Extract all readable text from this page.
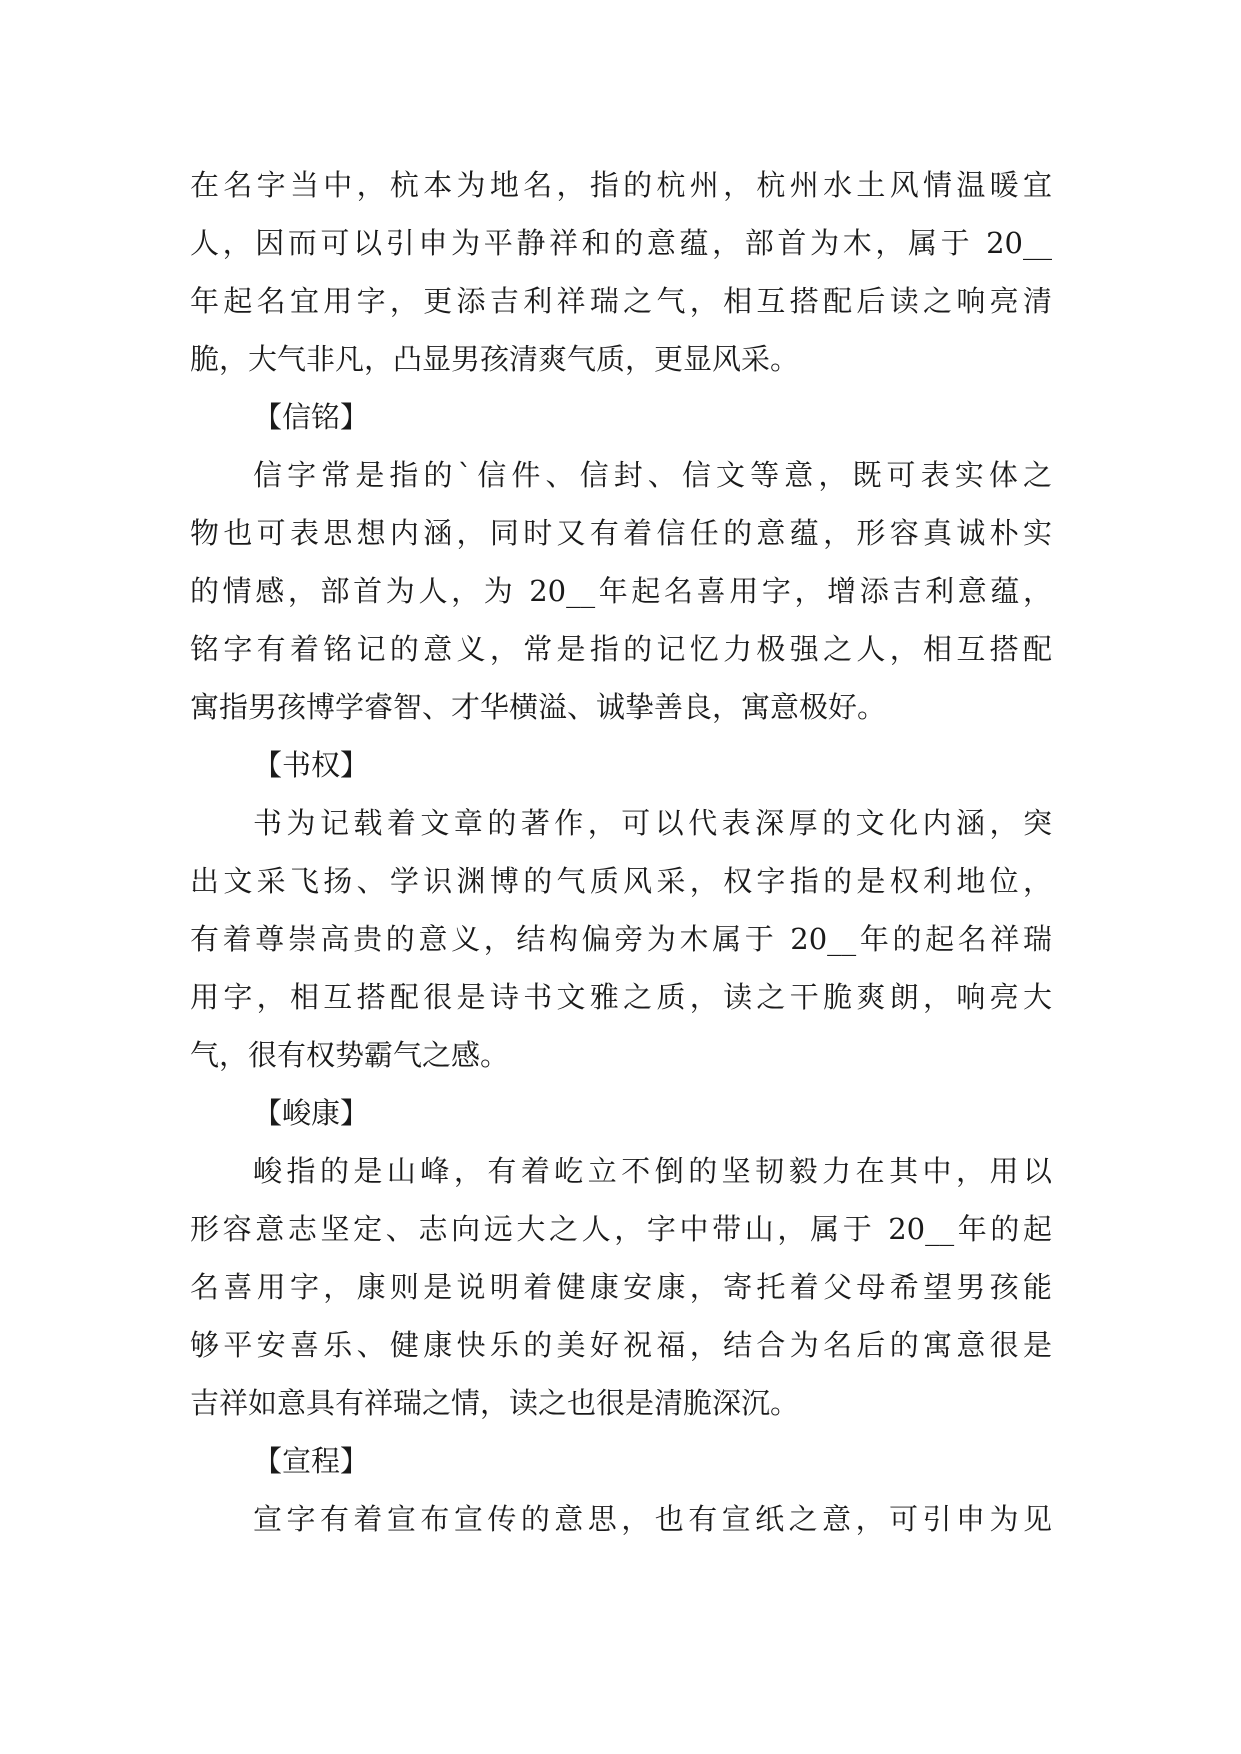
在名字当中，杭本为地名，指的杭州，杭州水土风情温暖宜
人，因而可以引申为平静祥和的意蕴，部首为木，属于 20__
年起名宜用字，更添吉利祥瑞之气，相互搭配后读之响亮清
脆，大气非凡，凸显男孩清爽气质，更显风采。
【信铭】
信字常是指的`信件、信封、信文等意，既可表实体之
物也可表思想内涵，同时又有着信任的意蕴，形容真诚朴实
的情感，部首为人，为 20__年起名喜用字，增添吉利意蕴，
铭字有着铭记的意义，常是指的记忆力极强之人，相互搭配
寓指男孩博学睿智、才华横溢、诚挚善良，寓意极好。
【书权】
书为记载着文章的著作，可以代表深厚的文化内涵，突
出文采飞扬、学识渊博的气质风采，权字指的是权利地位，
有着尊崇高贵的意义，结构偏旁为木属于 20__年的起名祥瑞
用字，相互搭配很是诗书文雅之质，读之干脆爽朗，响亮大
气，很有权势霸气之感。
【峻康】
峻指的是山峰，有着屹立不倒的坚韧毅力在其中，用以
形容意志坚定、志向远大之人，字中带山，属于 20__年的起
名喜用字，康则是说明着健康安康，寄托着父母希望男孩能
够平安喜乐、健康快乐的美好祝福，结合为名后的寓意很是
吉祥如意具有祥瑞之情，读之也很是清脆深沉。
【宣程】
宣字有着宣布宣传的意思，也有宣纸之意，可引申为见
